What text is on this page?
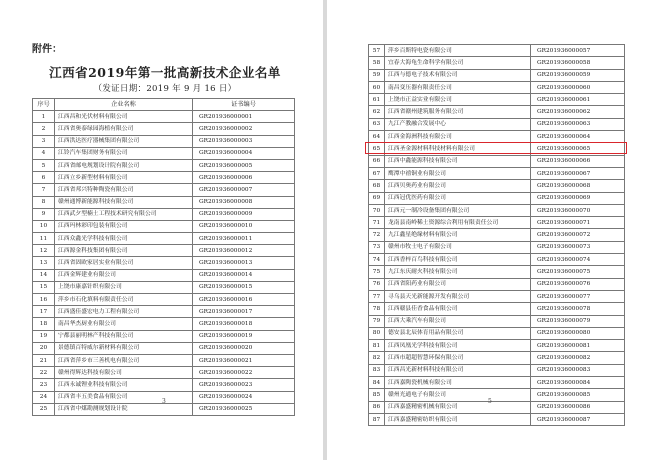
附件：
江西省2019年第一批高新技术企业名单
（发证日期：2019 年 9 月 16 日）
序号	企业名称	证书编号
1	江西昌和光伏材料有限公司	GR201936000001
2	江西省奥泰绿园海植有限公司	GR201936000002
3	江西洪达医疗器械集团有限公司	GR201936000003
4	江铃汽车集团财务有限公司	GR201936000004
5	江西省邮电规划设计院有限公司	GR201936000005
6	江西立乡新型材料有限公司	GR201936000006
7	江西省邦兴特种陶瓷有限公司	GR201936000007
8	赣州通博新能源科技有限公司	GR201936000008
9	江西武夕型楠土工程技术研究有限公司	GR201936000009
10	江西玛林彩印包装有限公司	GR201936000010
11	江西众鑫光学科技有限公司	GR201936000011
12	江西源金科技集团有限公司	GR201936000012
13	江西省固欧家居实业有限公司	GR201936000013
14	江西金辉建业有限公司	GR201936000014
15	上饶市康嘉针织有限公司	GR201936000015
16	萍乡市石化填料有限责任公司	GR201936000016
17	江西盛佳盛宏电力工程有限公司	GR201936000017
18	南昌华杰厨业有限公司	GR201936000018
19	宁都县丽明林产科技有限公司	GR201936000019
20	景德镇百特威尔新材料有限公司	GR201936000020
21	江西省萍乡市三善机电有限公司	GR201936000021
22	赣州得辉达科技有限公司	GR201936000022
23	江西永诚锂业科技有限公司	GR201936000023
24	江西省丰五美食品有限公司	GR201936000024
25	江西省中煤勘测规划设计院	GR201936000025
3
57	萍乡百斯特电瓷有限公司	GR201936000057
58	宜春大海龟生命科学有限公司	GR201936000058
59	江西与德电子技术有限公司	GR201936000059
60	南昌变压器有限责任公司	GR201936000060
61	上饶市正益实业有限公司	GR201936000061
62	江西省赣州建筑服务有限公司	GR201936000062
63	九江产教融合发展中心	GR201936000063
64	江西金海洲科技有限公司	GR201936000064
65	江西圣金源材料科技材料有限公司	GR201936000065
66	江西中鑫能源科技有限公司	GR201936000066
67	鹰潭中禧铜业有限公司	GR201936000067
68	江西贝奥药业有限公司	GR201936000068
69	江西冠优医药有限公司	GR201936000069
70	江西元一制冷设备集团有限公司	GR201936000070
71	龙南县南岭稀土资源综合利用有限责任公司	GR201936000071
72	九江鑫星绝缘材料有限公司	GR201936000072
73	赣州市牧士电子有限公司	GR201936000073
74	江西香梓百鸟科技有限公司	GR201936000074
75	九江东庆耐火科技有限公司	GR201936000075
76	江西省阳药业有限公司	GR201936000076
77	寻乌县天光新能源开发有限公司	GR201936000077
78	江西赣县佳香食品有限公司	GR201936000078
79	江西大乘汽车有限公司	GR201936000079
80	德安县北辰体育用品有限公司	GR201936000080
81	江西凤凰光学科技有限公司	GR201936000081
82	江西市超超智慧环保有限公司	GR201936000082
83	江西昌光新材料科技有限公司	GR201936000083
84	江西嘉陶瓷机械有限公司	GR201936000084
85	赣州光通电子有限公司	GR201936000085
86	江西嘉盛精密机械有限公司	GR201936000086
87	江西嘉盛精密纺织有限公司	GR201936000087
5
